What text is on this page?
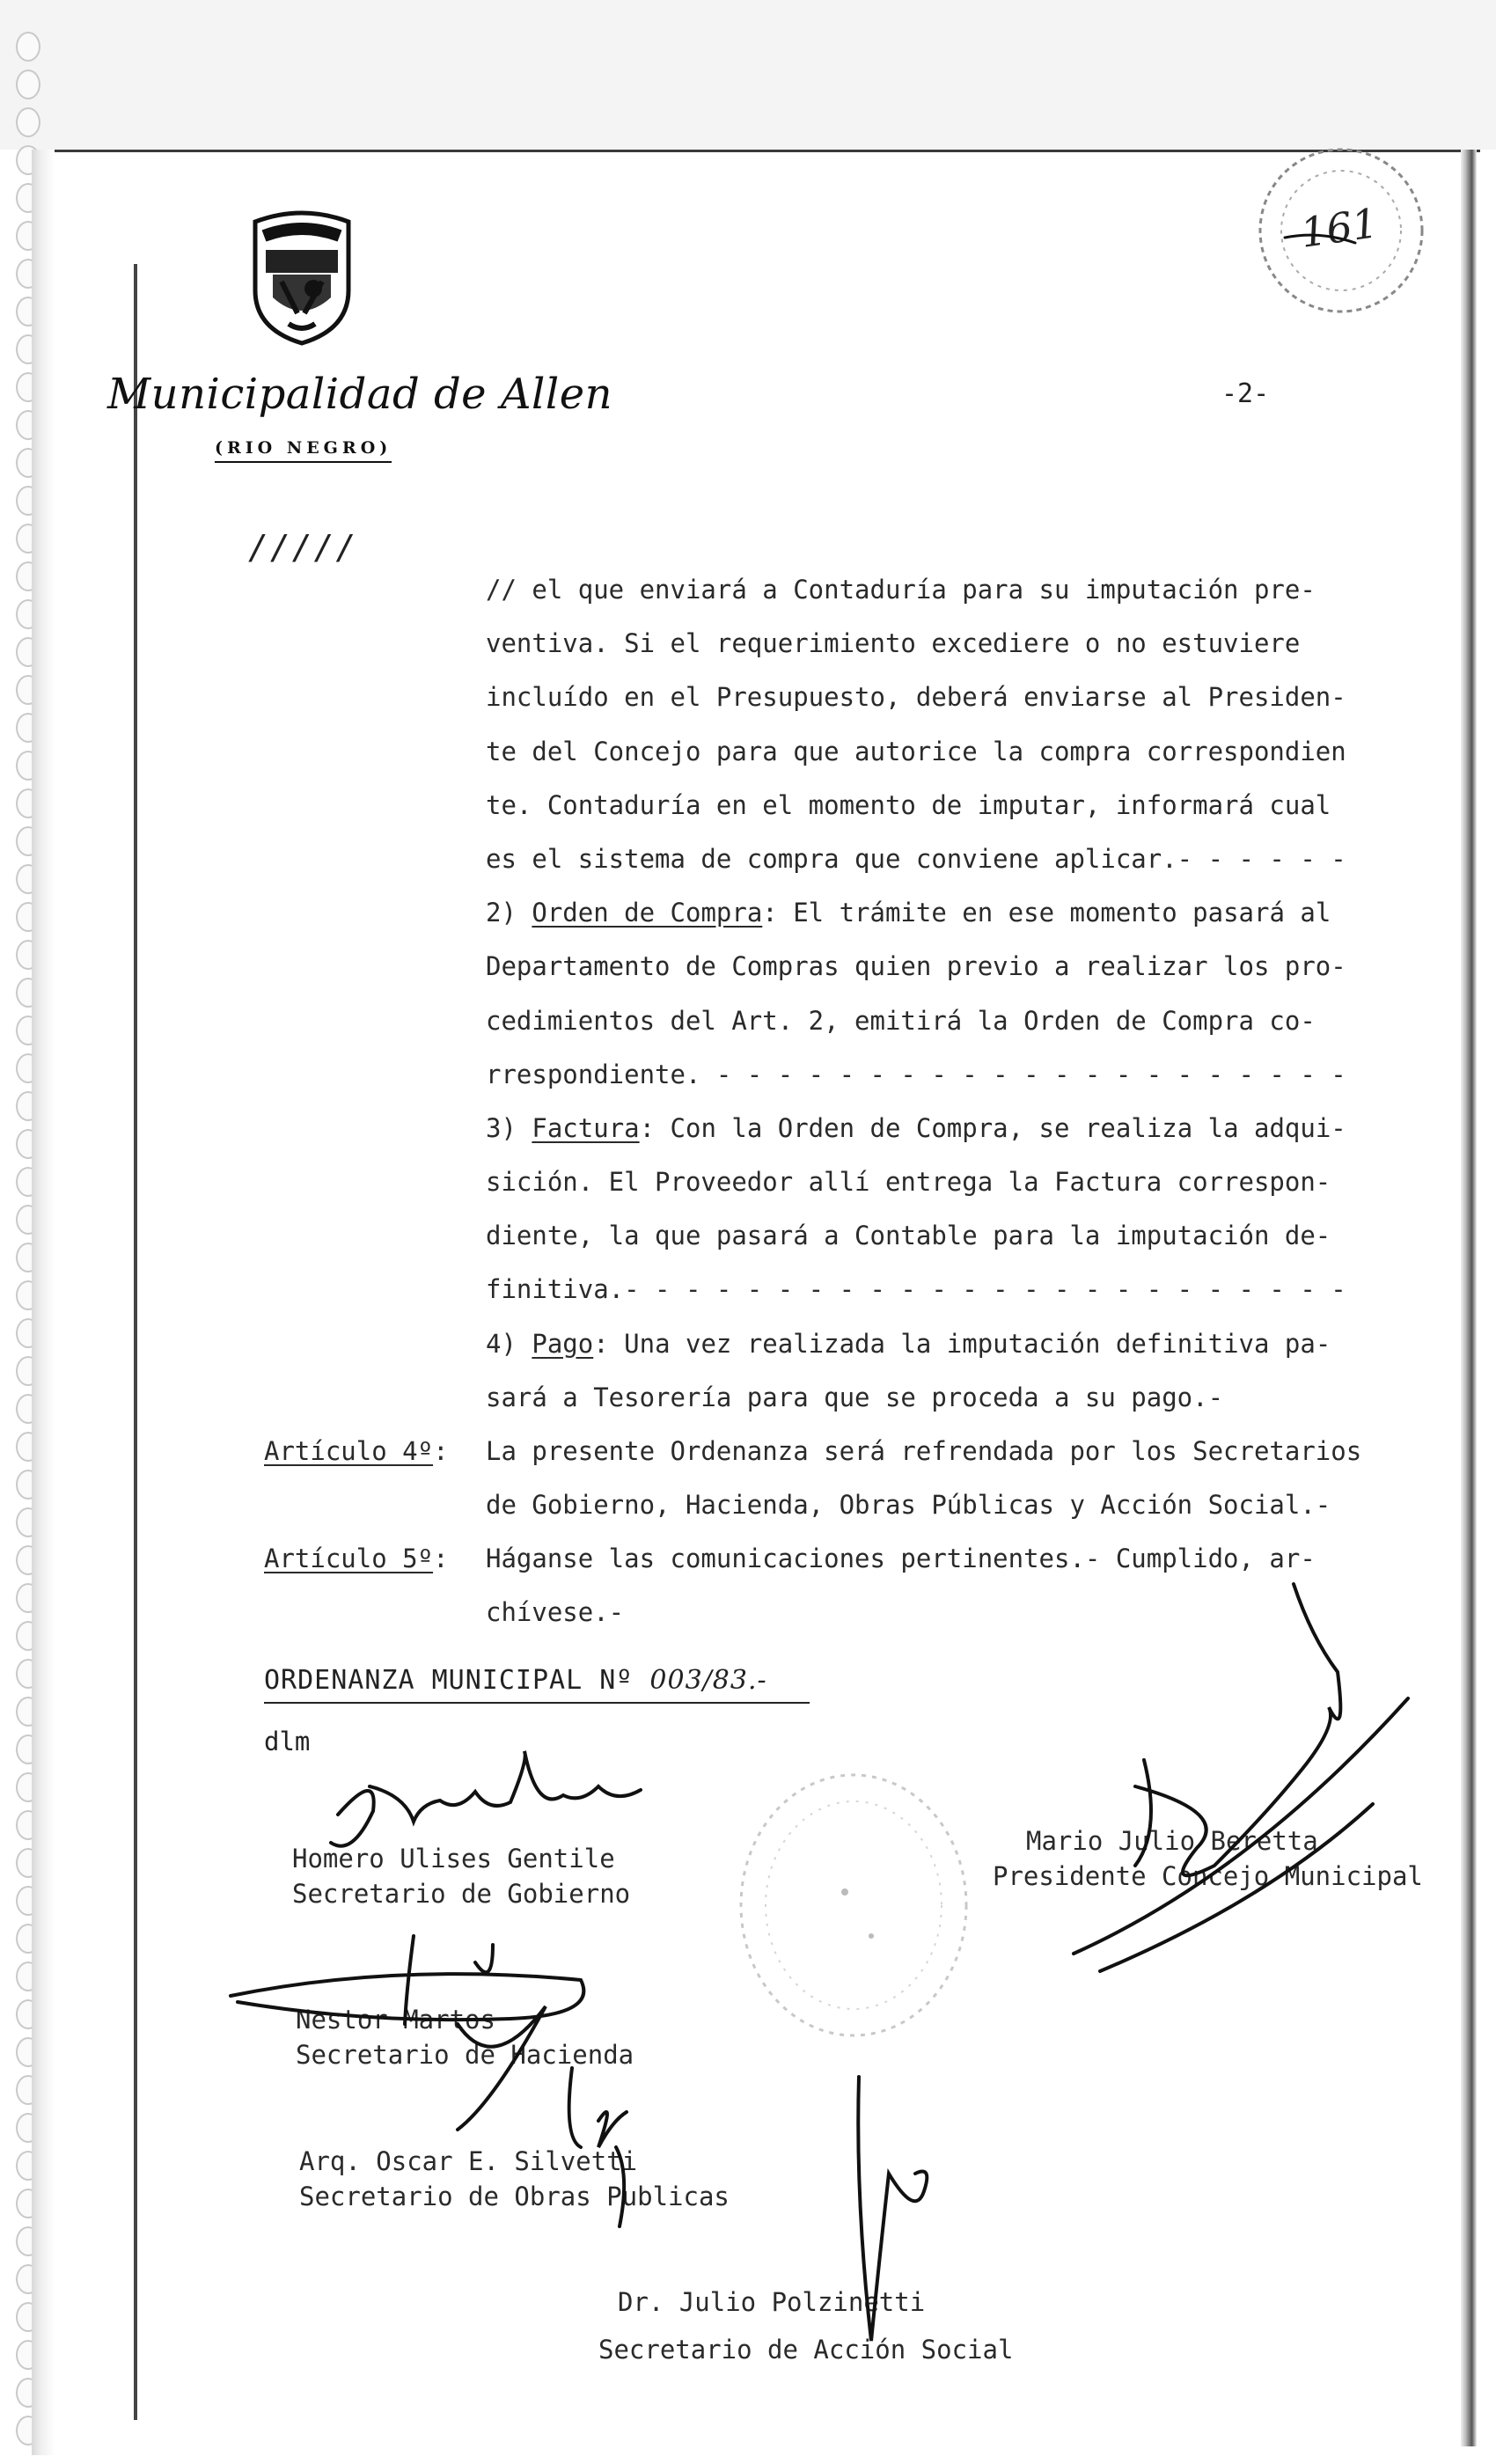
Municipalidad de Allen
(RIO NEGRO)
-2-
161
/////
// el que enviará a Contaduría para su imputación pre-
ventiva. Si el requerimiento excediere o no estuviere
incluído en el Presupuesto, deberá enviarse al Presiden-
te del Concejo para que autorice la compra correspondien
te. Contaduría en el momento de imputar, informará cual
es el sistema de compra que conviene aplicar.- - - - - -
2) Orden de Compra: El trámite en ese momento pasará al
Departamento de Compras quien previo a realizar los pro-
cedimientos del Art. 2, emitirá la Orden de Compra co-
rrespondiente. - - - - - - - - - - - - - - - - - - - - -
3) Factura: Con la Orden de Compra, se realiza la adqui-
sición. El Proveedor allí entrega la Factura correspon-
diente, la que pasará a Contable para la imputación de-
finitiva.- - - - - - - - - - - - - - - - - - - - - - - -
4) Pago: Una vez realizada la imputación definitiva pa-
sará a Tesorería para que se proceda a su pago.-
Artículo 4º: La presente Ordenanza será refrendada por los Secretarios
de Gobierno, Hacienda, Obras Públicas y Acción Social.-
Artículo 5º: Háganse las comunicaciones pertinentes.- Cumplido, ar-
chívese.-
ORDENANZA MUNICIPAL Nº 003/83.-
dlm
Homero Ulises Gentile
Secretario de Gobierno
Mario Julio Beretta
Presidente Concejo Municipal
Nestor Martos
Secretario de Hacienda
Arq. Oscar E. Silvetti
Secretario de Obras Publicas
Dr. Julio Polzinetti
Secretario de Acción Social
